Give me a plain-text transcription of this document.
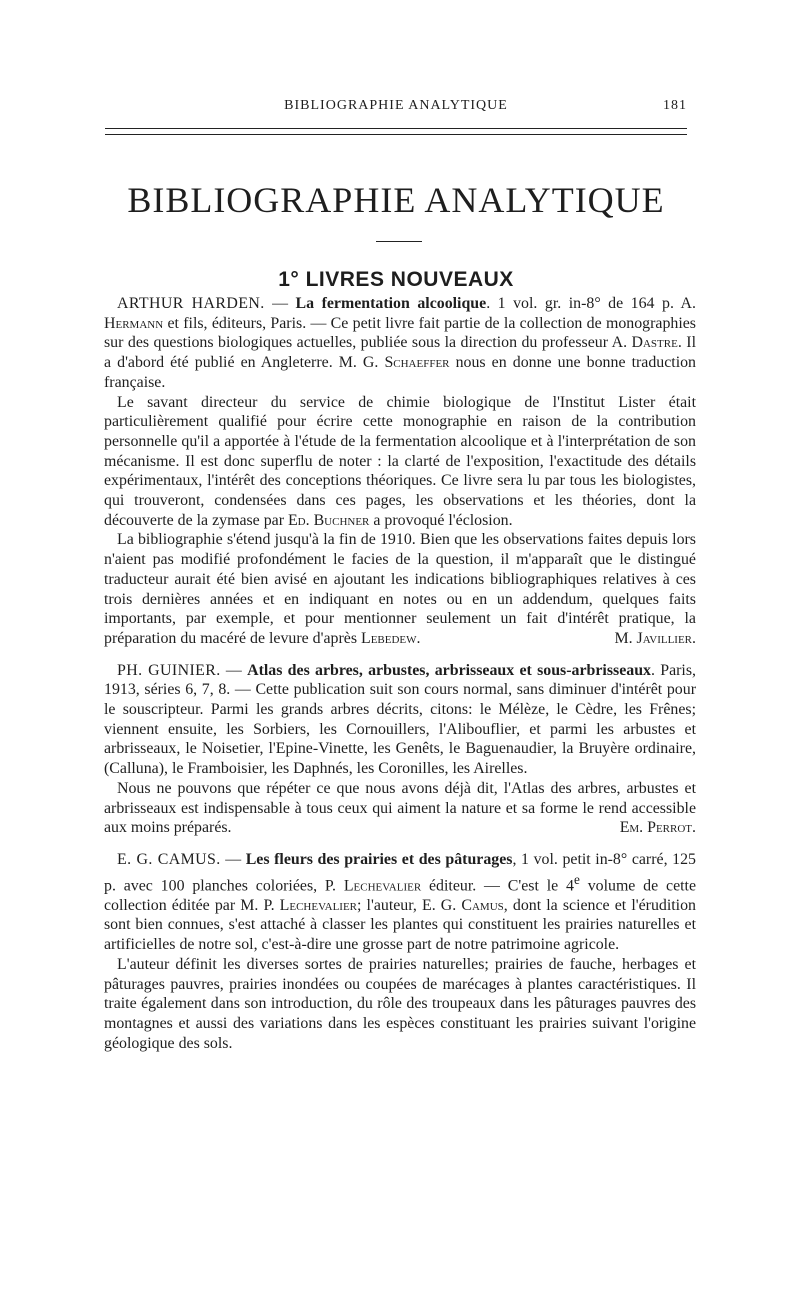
BIBLIOGRAPHIE ANALYTIQUE	181
BIBLIOGRAPHIE ANALYTIQUE
1° LIVRES NOUVEAUX

ARTHUR HARDEN. — La fermentation alcoolique. 1 vol. gr. in-8° de 164 p. A. Hermann et fils, éditeurs, Paris. — Ce petit livre fait partie de la collection de monographies sur des questions biologiques actuelles, publiée sous la direction du professeur A. Dastre. Il a d'abord été publié en Angleterre. M. G. Schaeffer nous en donne une bonne traduction française.

Le savant directeur du service de chimie biologique de l'Institut Lister était particulièrement qualifié pour écrire cette monographie en raison de la contribution personnelle qu'il a apportée à l'étude de la fermentation alcoolique et à l'interprétation de son mécanisme. Il est donc superflu de noter : la clarté de l'exposition, l'exactitude des détails expérimentaux, l'intérêt des conceptions théoriques. Ce livre sera lu par tous les biologistes, qui trouveront, condensées dans ces pages, les observations et les théories, dont la découverte de la zymase par Ed. Buchner a provoqué l'éclosion.

La bibliographie s'étend jusqu'à la fin de 1910. Bien que les observations faites depuis lors n'aient pas modifié profondément le facies de la question, il m'apparaît que le distingué traducteur aurait été bien avisé en ajoutant les indications bibliographiques relatives à ces trois dernières années et en indiquant en notes ou en un addendum, quelques faits importants, par exemple, et pour mentionner seulement un fait d'intérêt pratique, la préparation du macéré de levure d'après Lebedew.	M. Javillier.

PH. GUINIER. — Atlas des arbres, arbustes, arbrisseaux et sous-arbrisseaux. Paris, 1913, séries 6, 7, 8. — Cette publication suit son cours normal, sans diminuer d'intérêt pour le souscripteur. Parmi les grands arbres décrits, citons: le Mélèze, le Cèdre, les Frênes; viennent ensuite, les Sorbiers, les Cornouillers, l'Alibouflier, et parmi les arbustes et arbrisseaux, le Noisetier, l'Epine-Vinette, les Genêts, le Baguenaudier, la Bruyère ordinaire, (Calluna), le Framboisier, les Daphnés, les Coronilles, les Airelles.

Nous ne pouvons que répéter ce que nous avons déjà dit, l'Atlas des arbres, arbustes et arbrisseaux est indispensable à tous ceux qui aiment la nature et sa forme le rend accessible aux moins préparés.	Em. Perrot.

E. G. CAMUS. — Les fleurs des prairies et des pâturages, 1 vol. petit in-8° carré, 125 p. avec 100 planches coloriées, P. Lechevalier éditeur. — C'est le 4e volume de cette collection éditée par M. P. Lechevalier; l'auteur, E. G. Camus, dont la science et l'érudition sont bien connues, s'est attaché à classer les plantes qui constituent les prairies naturelles et artificielles de notre sol, c'est-à-dire une grosse part de notre patrimoine agricole.

L'auteur définit les diverses sortes de prairies naturelles; prairies de fauche, herbages et pâturages pauvres, prairies inondées ou coupées de marécages à plantes caractéristiques. Il traite également dans son introduction, du rôle des troupeaux dans les pâturages pauvres des montagnes et aussi des variations dans les espèces constituant les prairies suivant l'origine géologique des sols.
